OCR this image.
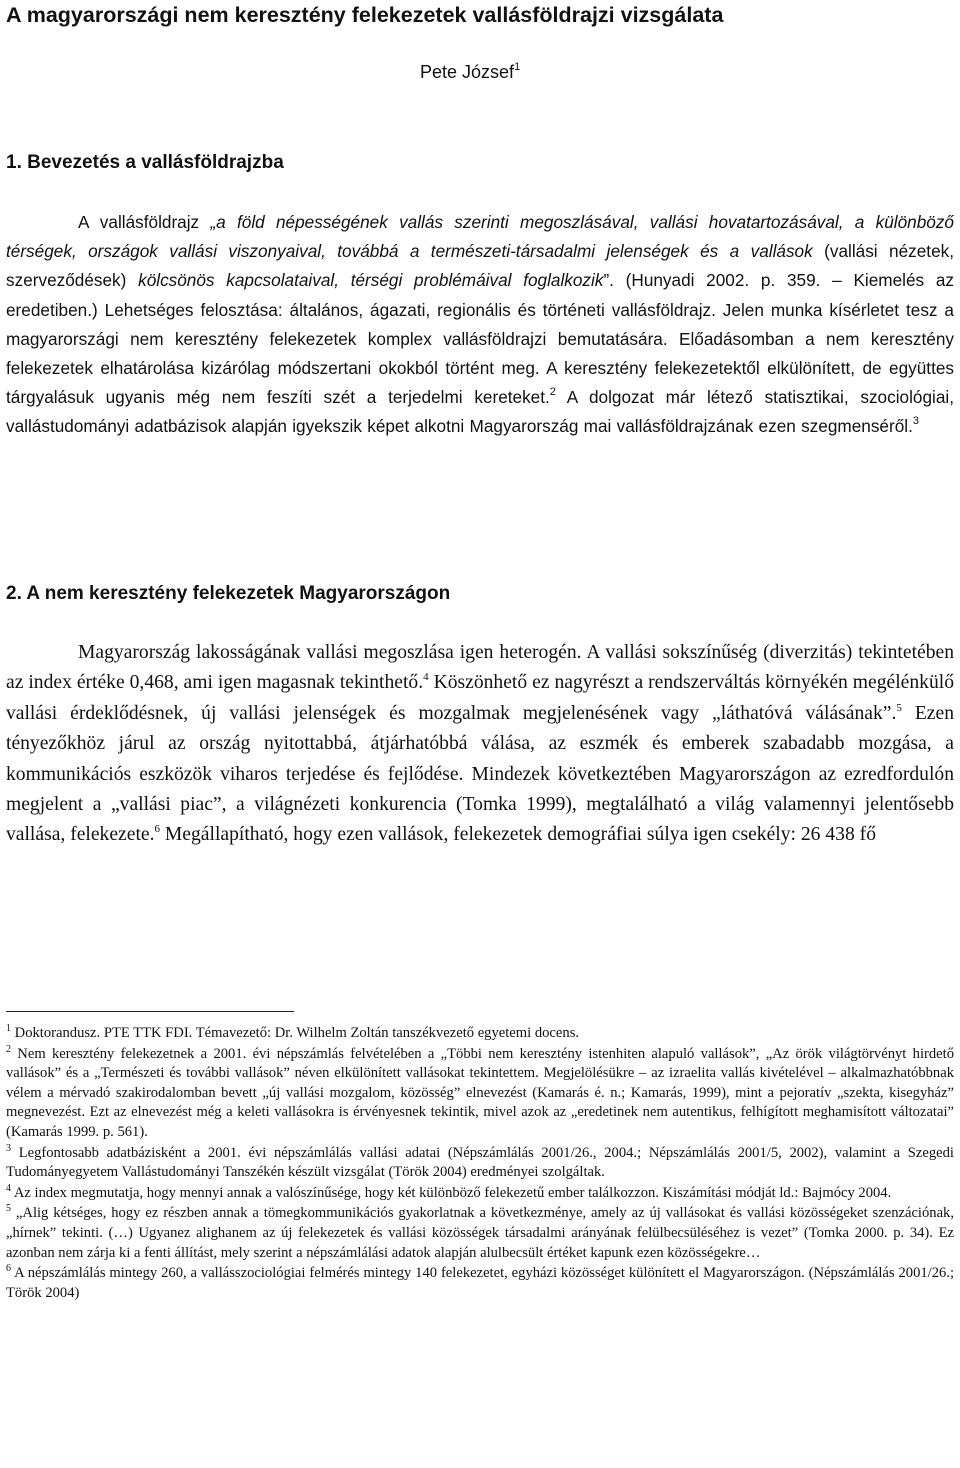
A magyarországi nem keresztény felekezetek vallásföldrajzi vizsgálata
Pete József$^1$
1. Bevezetés a vallásföldrajzba

A vallásföldrajz „a föld népességének vallás szerinti megoszlásával, vallási hovatartozásával, a különböző térségek, országok vallási viszonyaival, továbbá a természeti-társadalmi jelenségek és a vallások (vallási nézetek, szerveződések) kölcsönös kapcsolataival, térségi problémáival foglalkozik”. (Hunyadi 2002. p. 359. – Kiemelés az eredetiben.) Lehetséges felosztása: általános, ágazati, regionális és történeti vallásföldrajz. Jelen munka kísérletet tesz a magyarországi nem keresztény felekezetek komplex vallásföldrajzi bemutatására. Előadásomban a nem keresztény felekezetek elhatárolása kizárólag módszertani okokból történt meg. A keresztény felekezetektől elkülönített, de együttes tárgyalásuk ugyanis még nem feszíti szét a terjedelmi kereteket.$^2$ A dolgozat már létező statisztikai, szociológiai, vallástudományi adatbázisok alapján igyekszik képet alkotni Magyarország mai vallásföldrajzának ezen szegmenséről.$^3$

2. A nem keresztény felekezetek Magyarországon

Magyarország lakosságának vallási megoszlása igen heterogén. A vallási sokszínűség (diverzitás) tekintetében az index értéke 0,468, ami igen magasnak tekinthető.$^4$ Köszönhető ez nagyrészt a rendszerváltás környékén megélénkülő vallási érdeklődésnek, új vallási jelenségek és mozgalmak megjelenésének vagy „láthatóvá válásának”.$^5$ Ezen tényezőkhöz járul az ország nyitottabbá, átjárhatóbbá válása, az eszmék és emberek szabadabb mozgása, a kommunikációs eszközök viharos terjedése és fejlődése. Mindezek következtében Magyarországon az ezredfordulón megjelent a „vallási piac”, a világnézeti konkurencia (Tomka 1999), megtalálható a világ valamennyi jelentősebb vallása, felekezete.$^6$ Megállapítható, hogy ezen vallások, felekezetek demográfiai súlya igen csekély: 26 438 fő

$^1$ Doktorandusz. PTE TTK FDI. Témavezető: Dr. Wilhelm Zoltán tanszékvezető egyetemi docens.

$^2$ Nem keresztény felekezetnek a 2001. évi népszámlás felvételében a „Többi nem keresztény istenhiten alapuló vallások”, „Az örök világtörvényt hirdető vallások” és a „Természeti és további vallások” néven elkülönített vallásokat tekintettem. Megjelölésükre – az izraelita vallás kivételével – alkalmazhatóbbnak vélem a mérvadó szakirodalomban bevett „új vallási mozgalom, közösség” elnevezést (Kamarás é. n.; Kamarás, 1999), mint a pejoratív „szekta, kisegyház” megnevezést. Ezt az elnevezést még a keleti vallásokra is érvényesnek tekintik, mivel azok az „eredetinek nem autentikus, felhígított meghamisított változatai” (Kamarás 1999. p. 561).

$^3$ Legfontosabb adatbázisként a 2001. évi népszámlálás vallási adatai (Népszámlálás 2001/26., 2004.; Népszámlálás 2001/5, 2002), valamint a Szegedi Tudományegyetem Vallástudományi Tanszékén készült vizsgálat (Török 2004) eredményei szolgáltak.

$^4$ Az index megmutatja, hogy mennyi annak a valószínűsége, hogy két különböző felekezetű ember találkozzon. Kiszámítási módját ld.: Bajmócy 2004.

$^5$ „Alig kétséges, hogy ez részben annak a tömegkommunikációs gyakorlatnak a következménye, amely az új vallásokat és vallási közösségeket szenzációnak, „hírnek” tekinti. (…) Ugyanez alighanem az új felekezetek és vallási közösségek társadalmi arányának felülbecsüléséhez is vezet” (Tomka 2000. p. 34). Ez azonban nem zárja ki a fenti állítást, mely szerint a népszámlálási adatok alapján alulbecsült értéket kapunk ezen közösségekre…

$^6$ A népszámlálás mintegy 260, a vallásszociológiai felmérés mintegy 140 felekezetet, egyházi közösséget különített el Magyarországon. (Népszámlálás 2001/26.; Török 2004)
